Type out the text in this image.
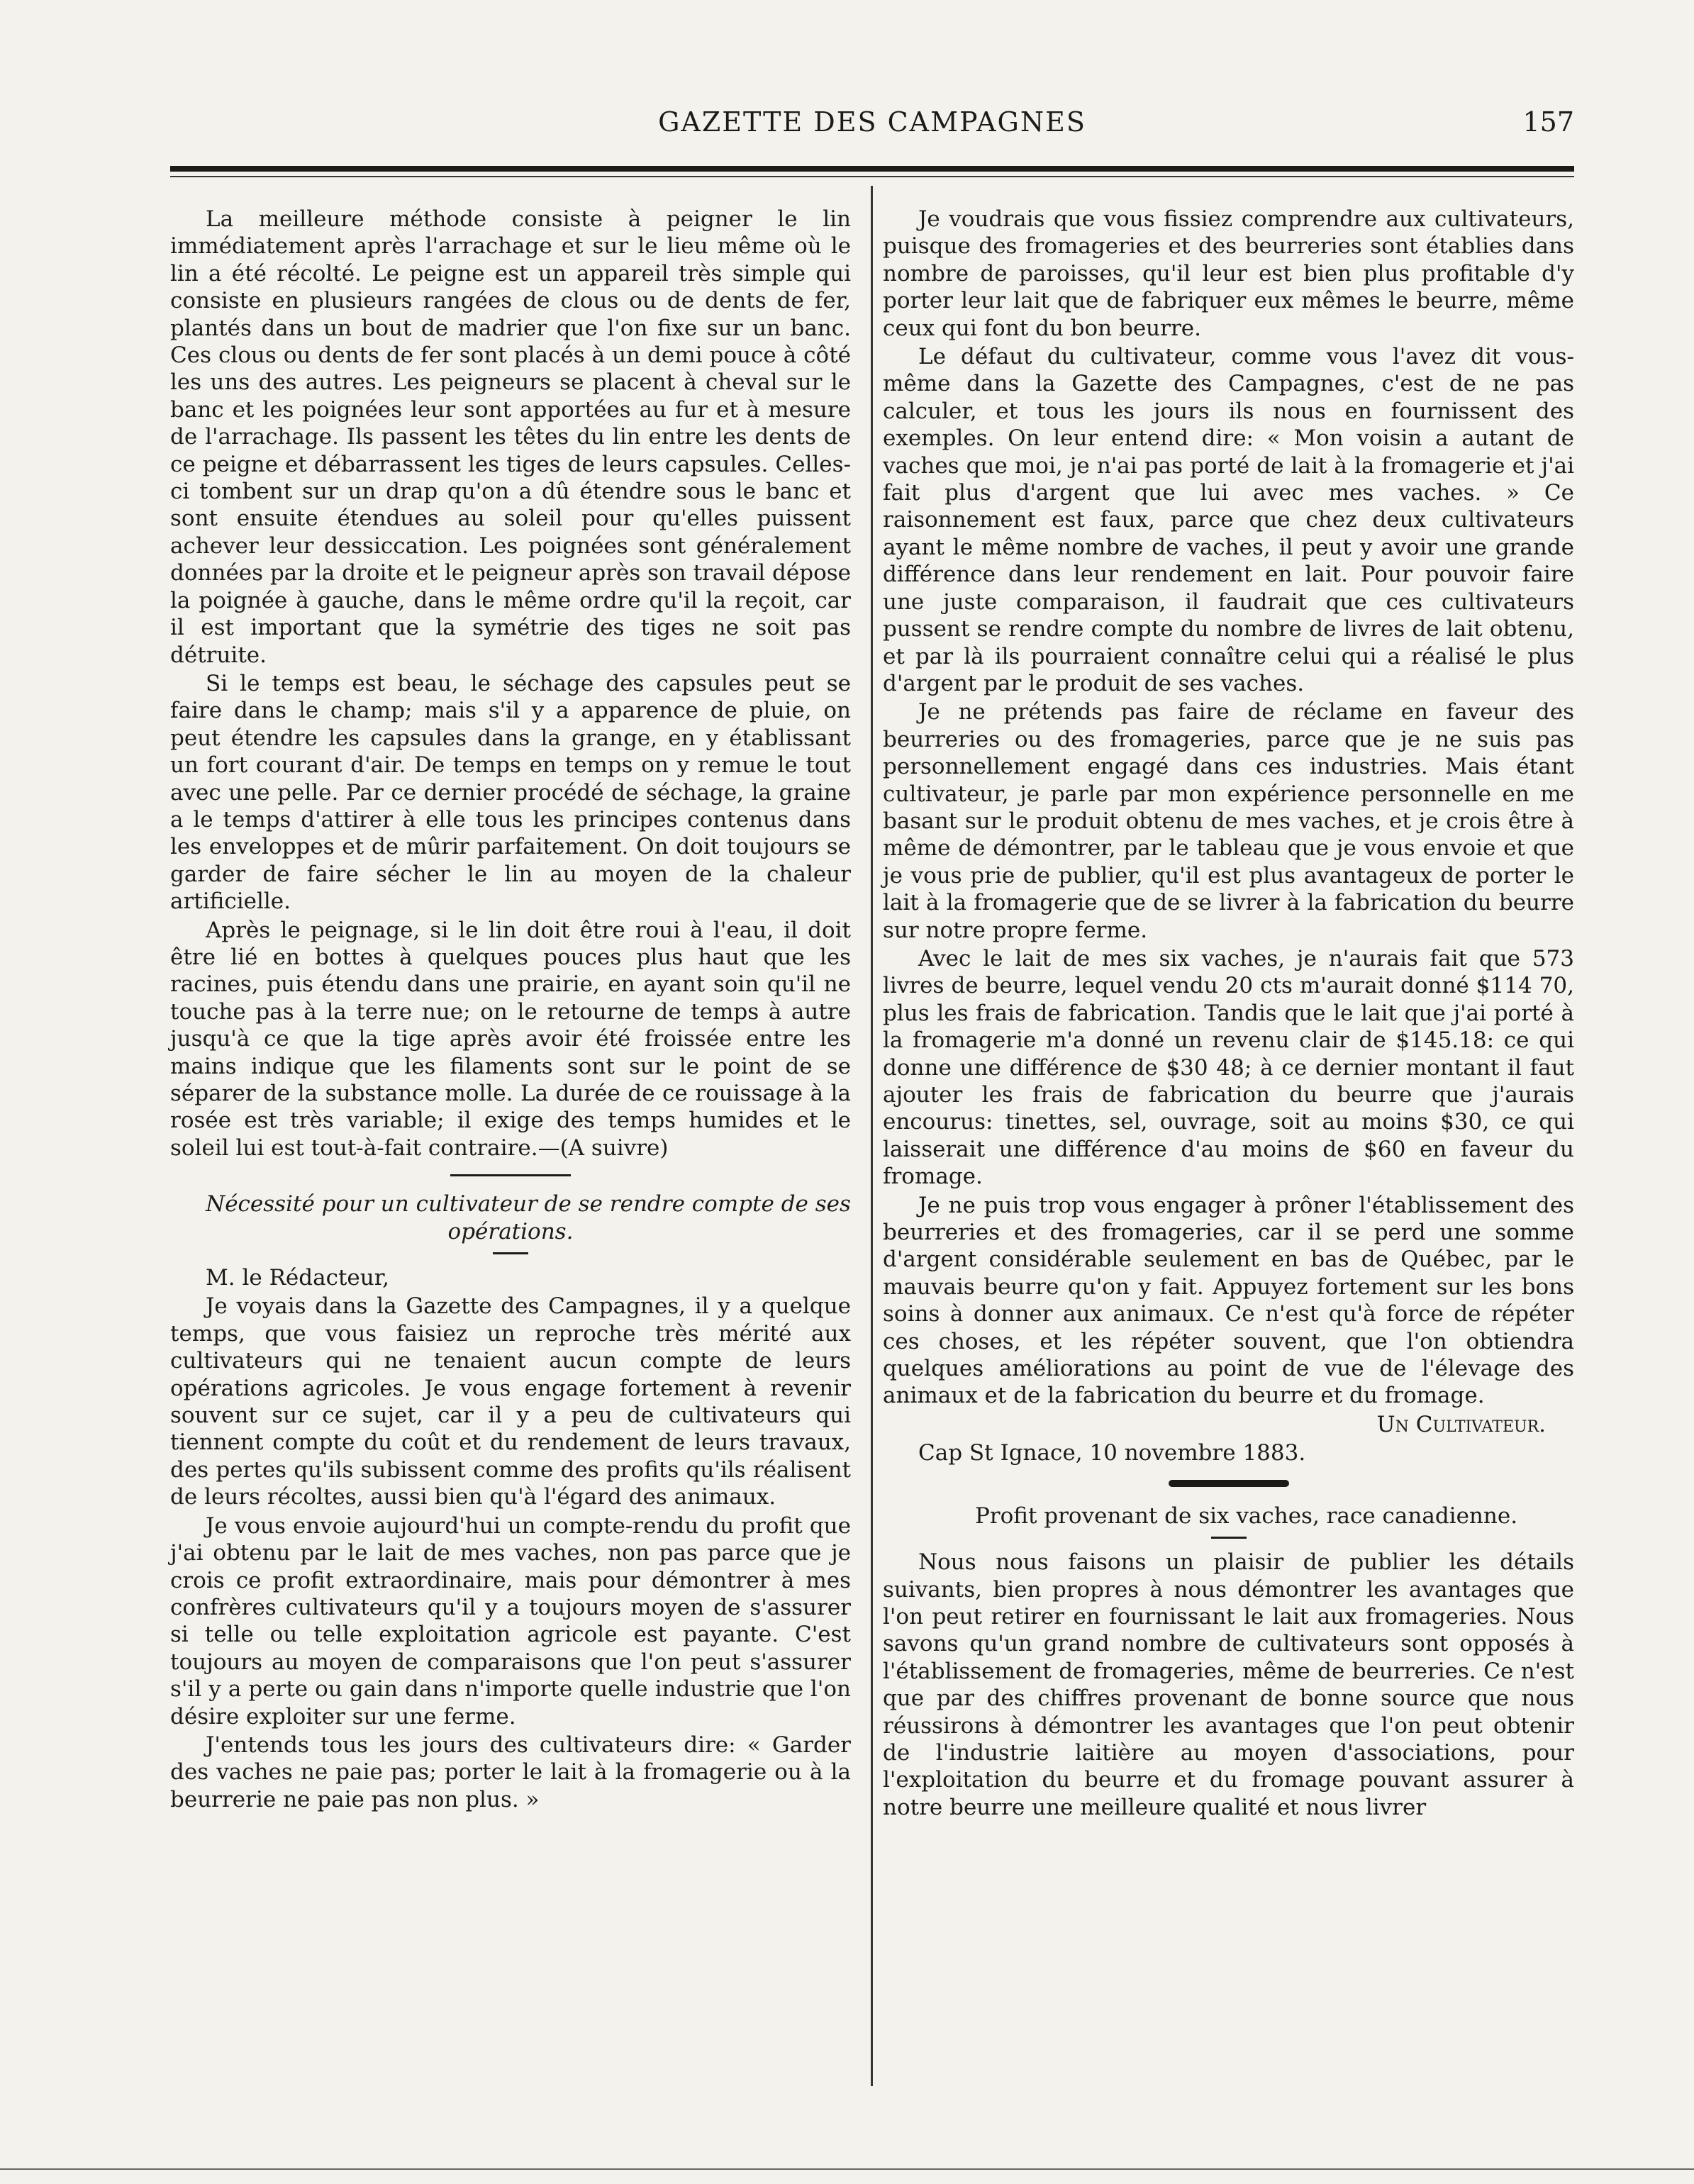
GAZETTE DES CAMPAGNES	157

La meilleure méthode consiste à peigner le lin immédiatement après l'arrachage et sur le lieu même où le lin a été récolté. Le peigne est un appareil très simple qui consiste en plusieurs rangées de clous ou de dents de fer, plantés dans un bout de madrier que l'on fixe sur un banc. Ces clous ou dents de fer sont placés à un demi pouce à côté les uns des autres. Les peigneurs se placent à cheval sur le banc et les poignées leur sont apportées au fur et à mesure de l'arrachage. Ils passent les têtes du lin entre les dents de ce peigne et débarrassent les tiges de leurs capsules. Celles-ci tombent sur un drap qu'on a dû étendre sous le banc et sont ensuite étendues au soleil pour qu'elles puissent achever leur dessiccation. Les poignées sont généralement données par la droite et le peigneur après son travail dépose la poignée à gauche, dans le même ordre qu'il la reçoit, car il est important que la symétrie des tiges ne soit pas détruite.

Si le temps est beau, le séchage des capsules peut se faire dans le champ; mais s'il y a apparence de pluie, on peut étendre les capsules dans la grange, en y établissant un fort courant d'air. De temps en temps on y remue le tout avec une pelle. Par ce dernier procédé de séchage, la graine a le temps d'attirer à elle tous les principes contenus dans les enveloppes et de mûrir parfaitement. On doit toujours se garder de faire sécher le lin au moyen de la chaleur artificielle.

Après le peignage, si le lin doit être roui à l'eau, il doit être lié en bottes à quelques pouces plus haut que les racines, puis étendu dans une prairie, en ayant soin qu'il ne touche pas à la terre nue; on le retourne de temps à autre jusqu'à ce que la tige après avoir été froissée entre les mains indique que les filaments sont sur le point de se séparer de la substance molle. La durée de ce rouissage à la rosée est très variable; il exige des temps humides et le soleil lui est tout-à-fait contraire.—(A suivre)

Nécessité pour un cultivateur de se rendre compte de ses opérations.

M. le Rédacteur,

Je voyais dans la Gazette des Campagnes, il y a quelque temps, que vous faisiez un reproche très mérité aux cultivateurs qui ne tenaient aucun compte de leurs opérations agricoles. Je vous engage fortement à revenir souvent sur ce sujet, car il y a peu de cultivateurs qui tiennent compte du coût et du rendement de leurs travaux, des pertes qu'ils subissent comme des profits qu'ils réalisent de leurs récoltes, aussi bien qu'à l'égard des animaux.

Je vous envoie aujourd'hui un compte-rendu du profit que j'ai obtenu par le lait de mes vaches, non pas parce que je crois ce profit extraordinaire, mais pour démontrer à mes confrères cultivateurs qu'il y a toujours moyen de s'assurer si telle ou telle exploitation agricole est payante. C'est toujours au moyen de comparaisons que l'on peut s'assurer s'il y a perte ou gain dans n'importe quelle industrie que l'on désire exploiter sur une ferme.

J'entends tous les jours des cultivateurs dire: « Garder des vaches ne paie pas; porter le lait à la fromagerie ou à la beurrerie ne paie pas non plus. »

Je voudrais que vous fissiez comprendre aux cultivateurs, puisque des fromageries et des beurreries sont établies dans nombre de paroisses, qu'il leur est bien plus profitable d'y porter leur lait que de fabriquer eux mêmes le beurre, même ceux qui font du bon beurre.

Le défaut du cultivateur, comme vous l'avez dit vous-même dans la Gazette des Campagnes, c'est de ne pas calculer, et tous les jours ils nous en fournissent des exemples. On leur entend dire: « Mon voisin a autant de vaches que moi, je n'ai pas porté de lait à la fromagerie et j'ai fait plus d'argent que lui avec mes vaches. » Ce raisonnement est faux, parce que chez deux cultivateurs ayant le même nombre de vaches, il peut y avoir une grande différence dans leur rendement en lait. Pour pouvoir faire une juste comparaison, il faudrait que ces cultivateurs pussent se rendre compte du nombre de livres de lait obtenu, et par là ils pourraient connaître celui qui a réalisé le plus d'argent par le produit de ses vaches.

Je ne prétends pas faire de réclame en faveur des beurreries ou des fromageries, parce que je ne suis pas personnellement engagé dans ces industries. Mais étant cultivateur, je parle par mon expérience personnelle en me basant sur le produit obtenu de mes vaches, et je crois être à même de démontrer, par le tableau que je vous envoie et que je vous prie de publier, qu'il est plus avantageux de porter le lait à la fromagerie que de se livrer à la fabrication du beurre sur notre propre ferme.

Avec le lait de mes six vaches, je n'aurais fait que 573 livres de beurre, lequel vendu 20 cts m'aurait donné $114 70, plus les frais de fabrication. Tandis que le lait que j'ai porté à la fromagerie m'a donné un revenu clair de $145.18: ce qui donne une différence de $30 48; à ce dernier montant il faut ajouter les frais de fabrication du beurre que j'aurais encourus: tinettes, sel, ouvrage, soit au moins $30, ce qui laisserait une différence d'au moins de $60 en faveur du fromage.

Je ne puis trop vous engager à prôner l'établissement des beurreries et des fromageries, car il se perd une somme d'argent considérable seulement en bas de Québec, par le mauvais beurre qu'on y fait. Appuyez fortement sur les bons soins à donner aux animaux. Ce n'est qu'à force de répéter ces choses, et les répéter souvent, que l'on obtiendra quelques améliorations au point de vue de l'élevage des animaux et de la fabrication du beurre et du fromage.

Un Cultivateur.

Cap St Ignace, 10 novembre 1883.

Profit provenant de six vaches, race canadienne.

Nous nous faisons un plaisir de publier les détails suivants, bien propres à nous démontrer les avantages que l'on peut retirer en fournissant le lait aux fromageries. Nous savons qu'un grand nombre de cultivateurs sont opposés à l'établissement de fromageries, même de beurreries. Ce n'est que par des chiffres provenant de bonne source que nous réussirons à démontrer les avantages que l'on peut obtenir de l'industrie laitière au moyen d'associations, pour l'exploitation du beurre et du fromage pouvant assurer à notre beurre une meilleure qualité et nous livrer
